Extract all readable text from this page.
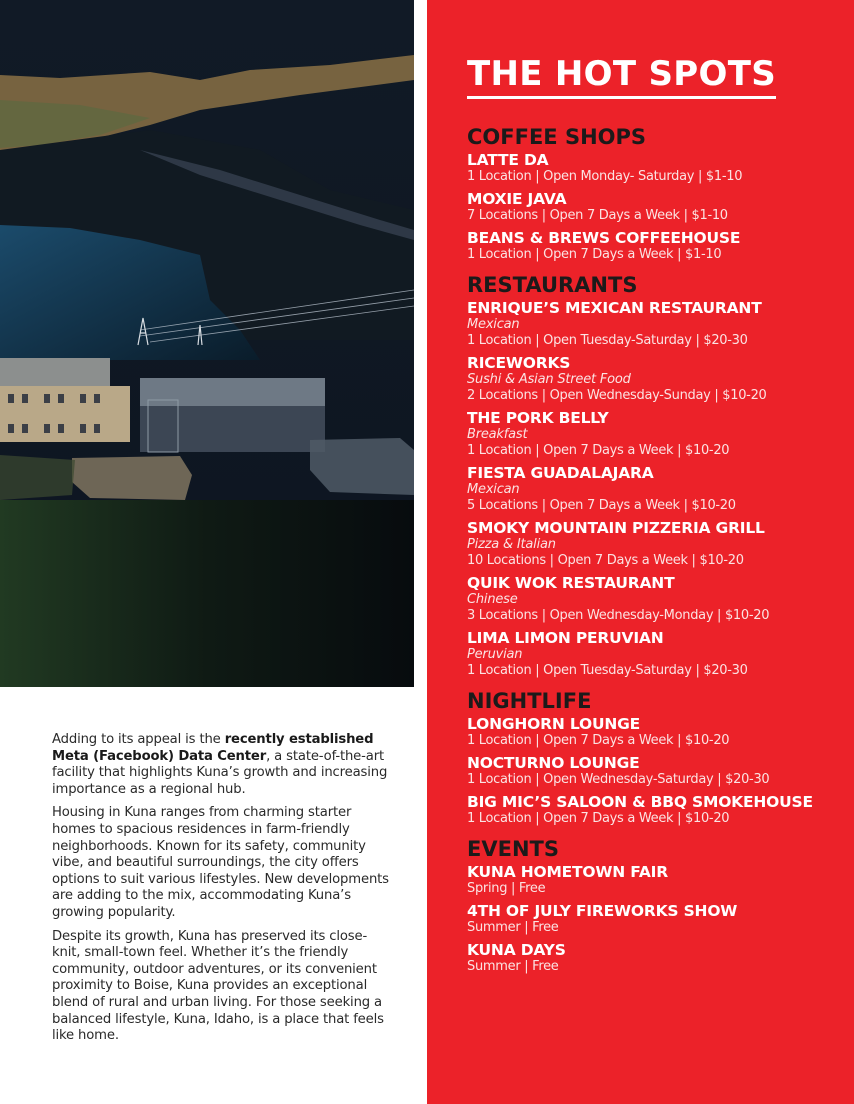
Adding to its appeal is the recently established Meta (Facebook) Data Center, a state-of-the-art facility that highlights Kuna’s growth and increasing importance as a regional hub.

Housing in Kuna ranges from charming starter homes to spacious residences in farm-friendly neighborhoods. Known for its safety, community vibe, and beautiful surroundings, the city offers options to suit various lifestyles. New developments are adding to the mix, accommodating Kuna’s growing popularity.

Despite its growth, Kuna has preserved its close-knit, small-town feel. Whether it’s the friendly community, outdoor adventures, or its convenient proximity to Boise, Kuna provides an exceptional blend of rural and urban living. For those seeking a balanced lifestyle, Kuna, Idaho, is a place that feels like home.

THE HOT SPOTS
COFFEE SHOPS
LATTE DA
1 Location | Open Monday- Saturday | $1-10
MOXIE JAVA
7 Locations | Open 7 Days a Week | $1-10
BEANS & BREWS COFFEEHOUSE
1 Location | Open 7 Days a Week | $1-10
RESTAURANTS
ENRIQUE’S MEXICAN RESTAURANT
Mexican
1 Location | Open Tuesday-Saturday | $20-30
RICEWORKS
Sushi & Asian Street Food
2 Locations | Open Wednesday-Sunday | $10-20
THE PORK BELLY
Breakfast
1 Location | Open 7 Days a Week | $10-20
FIESTA GUADALAJARA
Mexican
5 Locations | Open 7 Days a Week | $10-20
SMOKY MOUNTAIN PIZZERIA GRILL
Pizza & Italian
10 Locations | Open 7 Days a Week | $10-20
QUIK WOK RESTAURANT
Chinese
3 Locations | Open Wednesday-Monday | $10-20
LIMA LIMON PERUVIAN
Peruvian
1 Location | Open Tuesday-Saturday | $20-30
NIGHTLIFE
LONGHORN LOUNGE
1 Location | Open 7 Days a Week | $10-20
NOCTURNO LOUNGE
1 Location | Open Wednesday-Saturday | $20-30
BIG MIC’S SALOON & BBQ SMOKEHOUSE
1 Location | Open 7 Days a Week | $10-20
EVENTS
KUNA HOMETOWN FAIR
Spring | Free
4TH OF JULY FIREWORKS SHOW
Summer | Free
KUNA DAYS
Summer | Free
